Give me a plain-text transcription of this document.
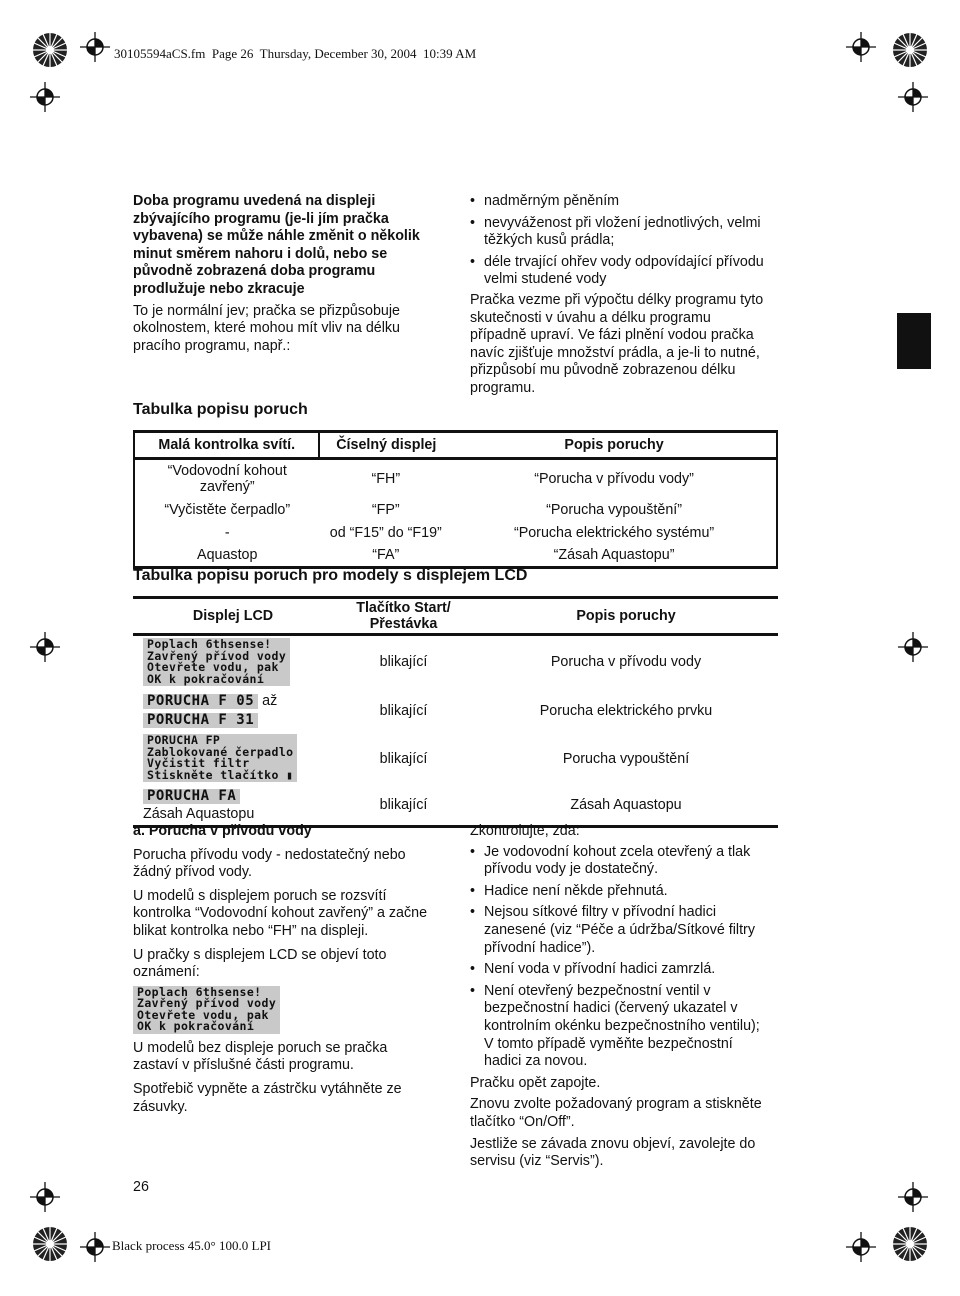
30105594aCS.fm  Page 26  Thursday, December 30, 2004  10:39 AM
Black process 45.0° 100.0 LPI
26

Doba programu uvedená na displeji

zbývajícího programu (je-li jím pračka

vybavena) se může náhle změnit o několik

minut směrem nahoru i dolů, nebo se

původně zobrazená doba programu

prodlužuje nebo zkracuje

To je normální jev; pračka se přizpůsobuje

okolnostem, které mohou mít vliv na délku

pracího programu, např.:

• nadměrným pěněním
• nevyváženost při vložení jednotlivých, velmi
těžkých kusů prádla;
• déle trvající ohřev vody odpovídající přívodu
velmi studené vody

Pračka vezme při výpočtu délky programu tyto

skutečnosti v úvahu a délku programu

případně upraví. Ve fázi plnění vodou pračka

navíc zjišťuje množství prádla, a je-li to nutné,

přizpůsobí mu původně zobrazenou délku

programu.

Tabulka popisu poruch
Malá kontrolka svítí.	Číselný displej	Popis poruchy
“Vodovodní kohout
zavřený”	“FH”	“Porucha v přívodu vody”
“Vyčistěte čerpadlo”	“FP”	“Porucha vypouštění”
-	od “F15” do “F19”	“Porucha elektrického systému”
Aquastop	“FA”	“Zásah Aquastopu”
Tabulka popisu poruch pro modely s displejem LCD
Displej LCD	Tlačítko Start/
Přestávka	Popis poruchy

Poplach 6thsense!
Zavřený přívod vody
Otevřete vodu, pak
OK k pokračování	blikající	Porucha v přívodu vody
PORUCHA F 05 až
PORUCHA F 31	blikající	Porucha elektrického prvku

PORUCHA FP
Zablokované čerpadlo
Vyčistit filtr
Stiskněte tlačítko ▮	blikající	Porucha vypouštění
PORUCHA FA
Zásah Aquastopu	blikající	Zásah Aquastopu

a. Porucha v přívodu vody

Porucha přívodu vody - nedostatečný nebo

žádný přívod vody.

U modelů s displejem poruch se rozsvítí

kontrolka “Vodovodní kohout zavřený” a začne

blikat kontrolka nebo “FH” na displeji.

U pračky s displejem LCD se objeví toto

oznámení:

Poplach 6thsense!
Zavřený přívod vody
Otevřete vodu, pak
OK k pokračování

U modelů bez displeje poruch se pračka

zastaví v příslušné části programu.

Spotřebič vypněte a zástrčku vytáhněte ze

zásuvky.

Zkontrolujte, zda:

• Je vodovodní kohout zcela otevřený a tlak
přívodu vody je dostatečný.
• Hadice není někde přehnutá.
• Nejsou sítkové filtry v přívodní hadici
zanesené (viz “Péče a údržba/Sítkové filtry
přívodní hadice”).
• Není voda v přívodní hadici zamrzlá.
• Není otevřený bezpečnostní ventil v
bezpečnostní hadici (červený ukazatel v
kontrolním okénku bezpečnostního ventilu);
V tomto případě vyměňte bezpečnostní
hadici za novou.

Pračku opět zapojte.

Znovu zvolte požadovaný program a stiskněte

tlačítko “On/Off”.

Jestliže se závada znovu objeví, zavolejte do

servisu (viz “Servis”).
